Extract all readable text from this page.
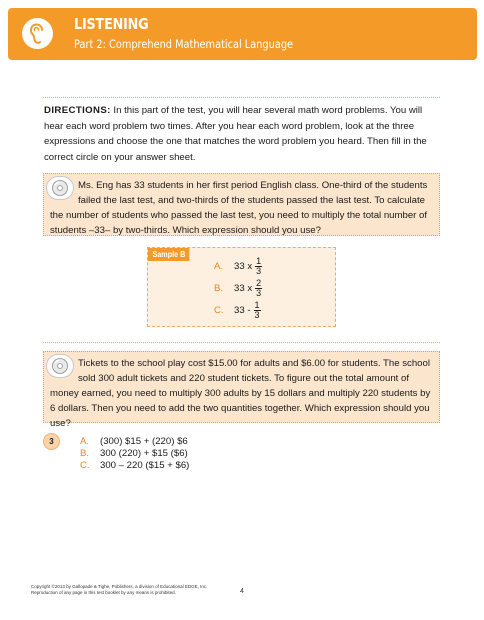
LISTENING
Part 2: Comprehend Mathematical Language
DIRECTIONS: In this part of the test, you will hear several math word problems. You will hear each word problem two times. After you hear each word problem, look at the three expressions and choose the one that matches the word problem you heard. Then fill in the correct circle on your answer sheet.
Ms. Eng has 33 students in her first period English class. One-third of the students failed the last test, and two-thirds of the students passed the last test. To calculate the number of students who passed the last test, you need to multiply the total number of students –33– by two-thirds. Which expression should you use?
Sample B
A.	33 x $\frac{1}{3}$
B.	33 x $\frac{2}{3}$
C.	$33 - \frac{1}{3}$
Tickets to the school play cost $15.00 for adults and $6.00 for students. The school sold 300 adult tickets and 220 student tickets. To figure out the total amount of money earned, you need to multiply 300 adults by 15 dollars and multiply 220 students by 6 dollars. Then you need to add the two quantities together. Which expression should you use?
3	A. (300) $15 + (220) $6
B. 300 (220) + $15 ($6)
C. 300 – 220 ($15 + $6)
Copyright ©2013 by Gallopade & Tighe, Publishers, a division of Educational EDGE, Inc.
Reproduction of any page in this test booklet by any means is prohibited.	4
